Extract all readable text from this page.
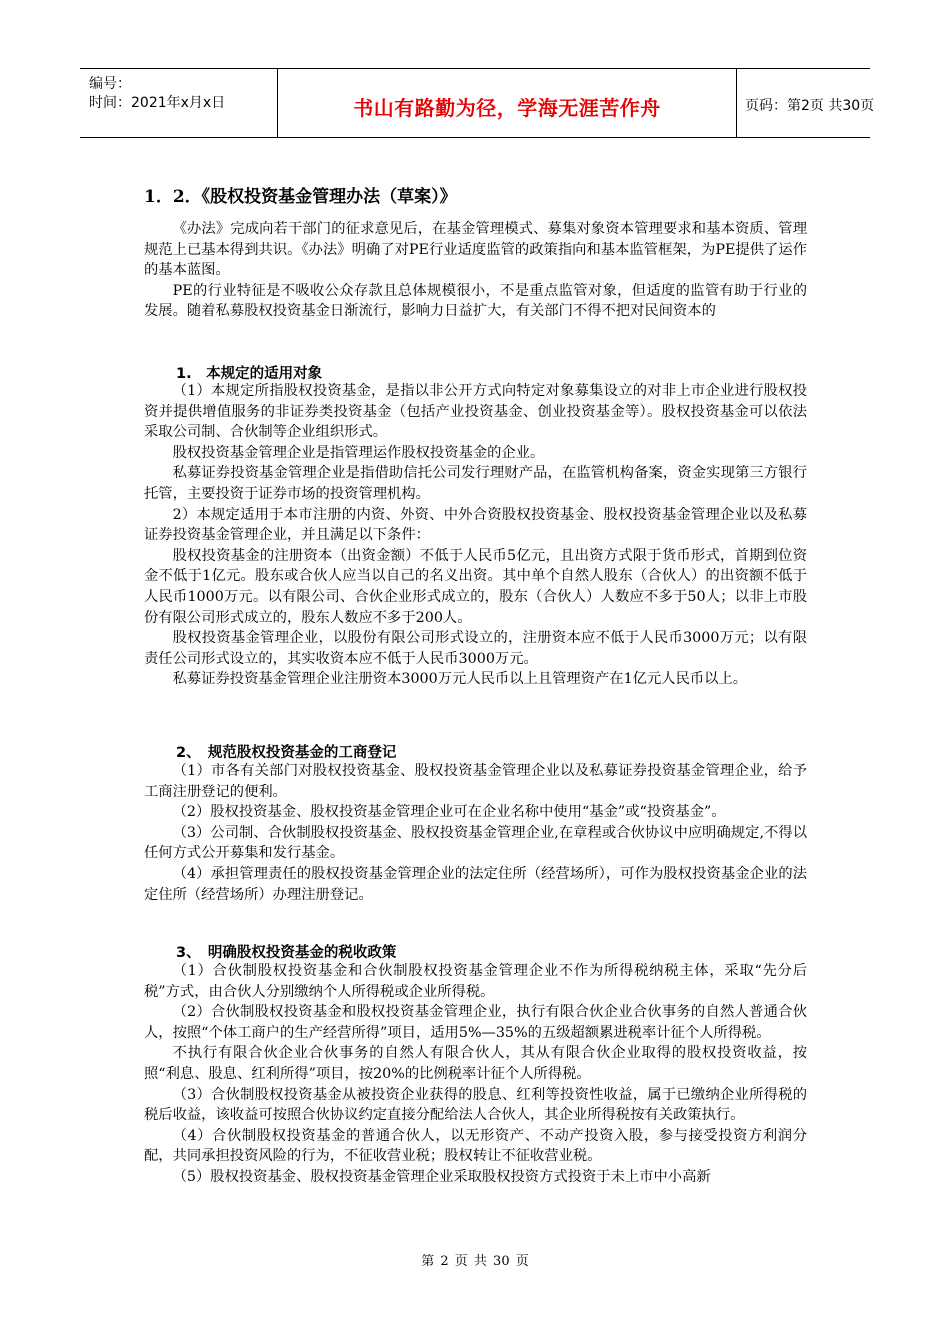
编号：
时间：2021年x月x日	书山有路勤为径，学海无涯苦作舟	页码：第2页 共30页
1．2．《股权投资基金管理办法（草案）》

《办法》完成向若干部门的征求意见后，在基金管理模式、募集对象资本管理要求和基本资质、管理规范上已基本得到共识。《办法》明确了对PE行业适度监管的政策指向和基本监管框架，为PE提供了运作的基本蓝图。

PE的行业特征是不吸收公众存款且总体规模很小，不是重点监管对象，但适度的监管有助于行业的发展。随着私募股权投资基金日渐流行，影响力日益扩大，有关部门不得不把对民间资本的

1.　本规定的适用对象

（1）本规定所指股权投资基金，是指以非公开方式向特定对象募集设立的对非上市企业进行股权投资并提供增值服务的非证券类投资基金（包括产业投资基金、创业投资基金等）。股权投资基金可以依法采取公司制、合伙制等企业组织形式。

股权投资基金管理企业是指管理运作股权投资基金的企业。

私募证券投资基金管理企业是指借助信托公司发行理财产品，在监管机构备案，资金实现第三方银行托管，主要投资于证券市场的投资管理机构。

2）本规定适用于本市注册的内资、外资、中外合资股权投资基金、股权投资基金管理企业以及私募证券投资基金管理企业，并且满足以下条件：

股权投资基金的注册资本（出资金额）不低于人民币5亿元，且出资方式限于货币形式，首期到位资金不低于1亿元。股东或合伙人应当以自己的名义出资。其中单个自然人股东（合伙人）的出资额不低于人民币1000万元。以有限公司、合伙企业形式成立的，股东（合伙人）人数应不多于50人；以非上市股份有限公司形式成立的，股东人数应不多于200人。

股权投资基金管理企业，以股份有限公司形式设立的，注册资本应不低于人民币3000万元；以有限责任公司形式设立的，其实收资本应不低于人民币3000万元。

私募证券投资基金管理企业注册资本3000万元人民币以上且管理资产在1亿元人民币以上。

2、　规范股权投资基金的工商登记

（1）市各有关部门对股权投资基金、股权投资基金管理企业以及私募证券投资基金管理企业，给予工商注册登记的便利。

（2）股权投资基金、股权投资基金管理企业可在企业名称中使用“基金”或“投资基金”。

（3）公司制、合伙制股权投资基金、股权投资基金管理企业,在章程或合伙协议中应明确规定,不得以任何方式公开募集和发行基金。

（4）承担管理责任的股权投资基金管理企业的法定住所（经营场所），可作为股权投资基金企业的法定住所（经营场所）办理注册登记。

3、　明确股权投资基金的税收政策

（1）合伙制股权投资基金和合伙制股权投资基金管理企业不作为所得税纳税主体，采取“先分后税”方式，由合伙人分别缴纳个人所得税或企业所得税。

（2）合伙制股权投资基金和股权投资基金管理企业，执行有限合伙企业合伙事务的自然人普通合伙人，按照“个体工商户的生产经营所得”项目，适用5%—35%的五级超额累进税率计征个人所得税。

不执行有限合伙企业合伙事务的自然人有限合伙人，其从有限合伙企业取得的股权投资收益，按照“利息、股息、红利所得”项目，按20%的比例税率计征个人所得税。

（3）合伙制股权投资基金从被投资企业获得的股息、红利等投资性收益，属于已缴纳企业所得税的税后收益，该收益可按照合伙协议约定直接分配给法人合伙人，其企业所得税按有关政策执行。

（4）合伙制股权投资基金的普通合伙人，以无形资产、不动产投资入股，参与接受投资方利润分配，共同承担投资风险的行为，不征收营业税；股权转让不征收营业税。

（5）股权投资基金、股权投资基金管理企业采取股权投资方式投资于未上市中小高新

第 2 页 共 30 页
